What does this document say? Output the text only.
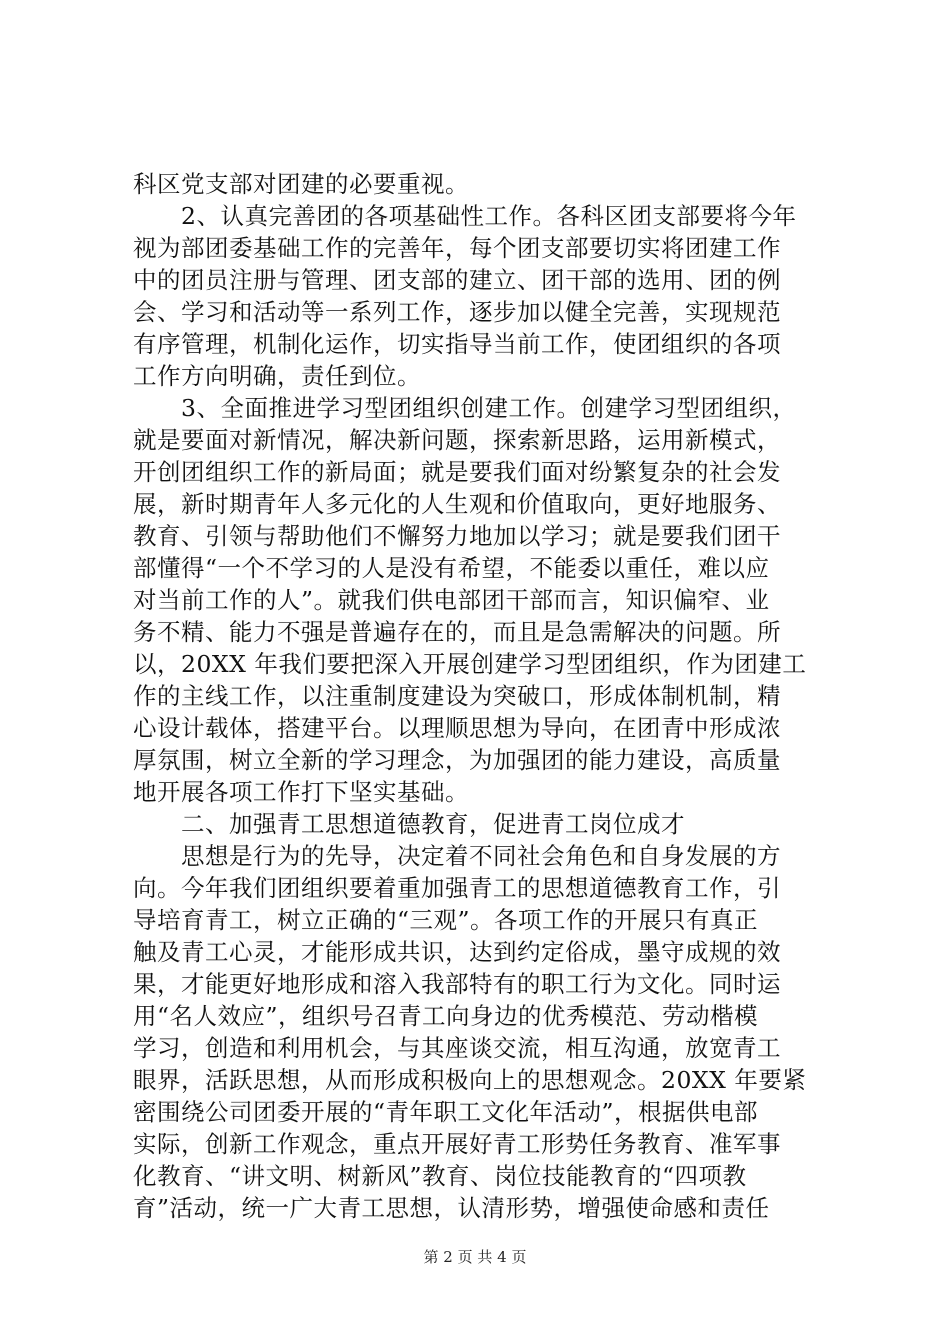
科区党支部对团建的必要重视。
　　2、认真完善团的各项基础性工作。各科区团支部要将今年
视为部团委基础工作的完善年，每个团支部要切实将团建工作
中的团员注册与管理、团支部的建立、团干部的选用、团的例
会、学习和活动等一系列工作，逐步加以健全完善，实现规范
有序管理，机制化运作，切实指导当前工作，使团组织的各项
工作方向明确，责任到位。
　　3、全面推进学习型团组织创建工作。创建学习型团组织，
就是要面对新情况，解决新问题，探索新思路，运用新模式，
开创团组织工作的新局面；就是要我们面对纷繁复杂的社会发
展，新时期青年人多元化的人生观和价值取向，更好地服务、
教育、引领与帮助他们不懈努力地加以学习；就是要我们团干
部懂得“一个不学习的人是没有希望，不能委以重任，难以应
对当前工作的人”。就我们供电部团干部而言，知识偏窄、业
务不精、能力不强是普遍存在的，而且是急需解决的问题。所
以，20XX 年我们要把深入开展创建学习型团组织，作为团建工
作的主线工作，以注重制度建设为突破口，形成体制机制，精
心设计载体，搭建平台。以理顺思想为导向，在团青中形成浓
厚氛围，树立全新的学习理念，为加强团的能力建设，高质量
地开展各项工作打下坚实基础。
　　二、加强青工思想道德教育，促进青工岗位成才
　　思想是行为的先导，决定着不同社会角色和自身发展的方
向。今年我们团组织要着重加强青工的思想道德教育工作，引
导培育青工，树立正确的“三观”。各项工作的开展只有真正
触及青工心灵，才能形成共识，达到约定俗成，墨守成规的效
果，才能更好地形成和溶入我部特有的职工行为文化。同时运
用“名人效应”，组织号召青工向身边的优秀模范、劳动楷模
学习，创造和利用机会，与其座谈交流，相互沟通，放宽青工
眼界，活跃思想，从而形成积极向上的思想观念。20XX 年要紧
密围绕公司团委开展的“青年职工文化年活动”，根据供电部
实际，创新工作观念，重点开展好青工形势任务教育、准军事
化教育、“讲文明、树新风”教育、岗位技能教育的“四项教
育”活动，统一广大青工思想，认清形势，增强使命感和责任
第 2 页 共 4 页
